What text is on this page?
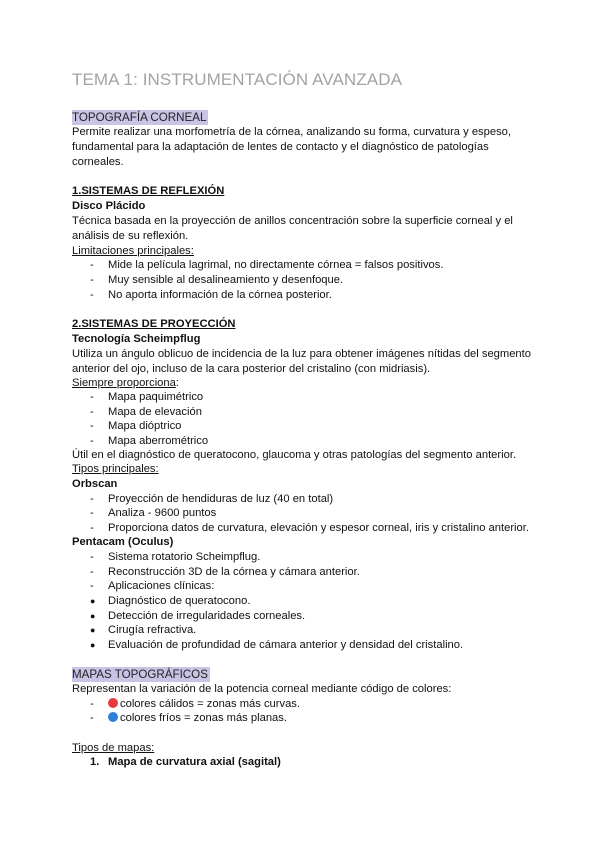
TEMA 1: INSTRUMENTACIÓN AVANZADA
TOPOGRAFÍA CORNEAL
Permite realizar una morfometría de la córnea, analizando su forma, curvatura y espeso,
fundamental para la adaptación de lentes de contacto y el diagnóstico de patologías
corneales.
1.SISTEMAS DE REFLEXIÓN
Disco Plácido
Técnica basada en la proyección de anillos concentración sobre la superficie corneal y el
análisis de su reflexión.
Limitaciones principales:
- Mide la película lagrimal, no directamente córnea = falsos positivos.
- Muy sensible al desalineamiento y desenfoque.
- No aporta información de la córnea posterior.
2.SISTEMAS DE PROYECCIÓN
Tecnología Scheimpflug
Utiliza un ángulo oblicuo de incidencia de la luz para obtener imágenes nítidas del segmento
anterior del ojo, incluso de la cara posterior del cristalino (con midriasis).
Siempre proporciona:
- Mapa paquimétrico
- Mapa de elevación
- Mapa dióptrico
- Mapa aberrométrico
Útil en el diagnóstico de queratocono, glaucoma y otras patologías del segmento anterior.
Tipos principales:
Orbscan
- Proyección de hendiduras de luz (40 en total)
- Analiza - 9600 puntos
- Proporciona datos de curvatura, elevación y espesor corneal, iris y cristalino anterior.
Pentacam (Oculus)
- Sistema rotatorio Scheimpflug.
- Reconstrucción 3D de la córnea y cámara anterior.
- Aplicaciones clínicas:
● Diagnóstico de queratocono.
● Detección de irregularidades corneales.
● Cirugía refractiva.
● Evaluación de profundidad de cámara anterior y densidad del cristalino.
MAPAS TOPOGRÁFICOS
Representan la variación de la potencia corneal mediante código de colores:
- colores cálidos = zonas más curvas.
- colores fríos = zonas más planas.
Tipos de mapas:
1. Mapa de curvatura axial (sagital)
